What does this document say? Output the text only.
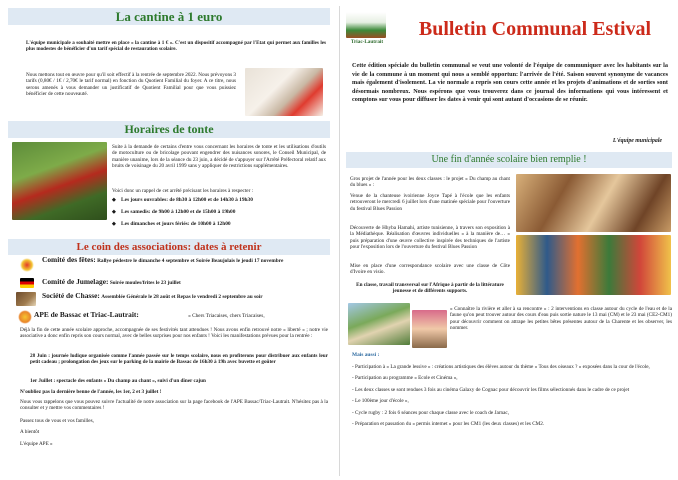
La cantine à 1 euro

L'équipe municipale a souhaité mettre en place « la cantine à 1 € ». C'est un dispositif accompagné par l'Etat qui permet aux familles les plus modestes de bénéficier d'un tarif spécial de restauration scolaire.

Nous mettons tout en œuvre pour qu'il soit effectif à la rentrée de septembre 2022. Nous prévoyons 3 tarifs (0,80€ / 1€ / 2,70€ le tarif normal) en fonction du Quotient Familial du foyer. A ce titre, nous serons amenés à vous demander un justificatif de Quotient Familial pour que vous puissiez bénéficier de cette nouveauté.

Horaires de tonte

Suite à la demande de certains d'entre vous concernant les horaires de tonte et les utilisations d'outils de motoculture ou de bricolage pouvant engendrer des nuisances sonores, le Conseil Municipal, de manière unanime, lors de la séance du 23 juin, a décidé de s'appuyer sur l'Arrêté Préfectoral relatif aux bruits de voisinage du 20 avril 1999 sans y appliquer de restrictions supplémentaires.

Voici donc un rappel de cet arrêté précisant les horaires à respecter :

◆ Les jours ouvrables: de 8h30 à 12h00 et de 14h30 à 19h30
◆ Les samedis: de 9h00 à 12h00 et de 15h00 à 19h00
◆ Les dimanches et jours fériés: de 10h00 à 12h00
Le coin des associations: dates à retenir
Comité des fêtes: Rallye pédestre le dimanche 4 septembre et Soirée Beaujolais le jeudi 17 novembre
Comité de Jumelage: Soirée moules/frites le 23 juillet
Société de Chasse: Assemblée Générale le 28 août et Repas le vendredi 2 septembre au soir
APE de Bassac et Triac-Lautrait:	« Chers Triacaises, chers Triacaises,

Déjà la fin de cette année scolaire approche, accompagnée de ses festivités tant attendues ! Nous avons enfin retrouvé notre « liberté » ; notre vie associative a donc enfin repris son cours normal, avec de belles surprises pour nos enfants ! Voici les manifestations prévues pour la rentrée :

28 Juin : journée ludique organisée comme l'année passée sur le temps scolaire, nous en profiterons pour distribuer aux enfants leur petit cadeau ; prolongation des jeux sur le parking de la mairie de Bassac de 16h30 à 19h avec buvette et goûter

1er Juillet : spectacle des enfants « Du champ au chant », suivi d'un dîner cajun

N'oubliez pas la dernière benne de l'année, les 1er, 2 et 3 juillet !

Nous vous rappelons que vous pouvez suivre l'actualité de notre association sur la page facebook de l'APE Bassac/Triac-Lautrait. N'hésitez pas à la consulter et y mettre vos commentaires !

Passez tous de vous et vos familles,

A bientôt

L'équipe APE »

Triac-Lautrait
Bulletin Communal Estival

Cette édition spéciale du bulletin communal se veut une volonté de l'équipe de communiquer avec les habitants sur la vie de la commune à un moment qui nous a semblé opportun: l'arrivée de l'été. Saison souvent synonyme de vacances mais également d'isolement. La vie normale a repris son cours cette année et les projets d'animations et de sorties sont désormais nombreux. Nous espérons que vous trouverez dans ce journal des informations qui vous intéressent et comptons sur vous pour diffuser les dates à venir qui sont autant d'occasions de se réunir.

L'équipe municipale
Une fin d'année scolaire bien remplie !

Gros projet de l'année pour les deux classes : le projet « Du champ au chant du blues » :

Venue de la chanteuse ivoirienne Joyce Tapé à l'école que les enfants retrouveront le mercredi 6 juillet lors d'une matinée spéciale pour l'ouverture du festival Blues Passion

Découverte de Hhyba Hamahi, artiste tunisienne, à travers son exposition à la Médiathèque. Réalisation d'œuvres individuelles « à la manière de… » puis préparation d'une œuvre collective inspirée des techniques de l'artiste pour l'exposition lors de l'ouverture du festival Blues Passion

Mise en place d'une correspondance scolaire avec une classe de Côte d'Ivoire en visio.

En classe, travail transversal sur l'Afrique à partir de la littérature jeunesse et de différents supports.

« Connaître la rivière et aller à sa rencontre » : 2 interventions en classe autour du cycle de l'eau et de la faune qu'on peut trouver autour des cours d'eau puis sortie nature le 13 mai (CM) et le 23 mai (CE2-CM1) pour découvrir comment on attrape les petites bêtes présentes autour de la Charente et les observer, les nommer.

Mais aussi :
- Participation à « La grande lessive » : créations artistiques des élèves autour du thème « Tous des oiseaux ? » exposées dans la cour de l'école,
- Participation au programme « Ecole et Cinéma »,
- Les deux classes se sont rendues 3 fois au cinéma Galaxy de Cognac pour découvrir les films sélectionnés dans le cadre de ce projet
- Le 100ème jour d'école »,
- Cycle rugby : 2 fois 6 séances pour chaque classe avec le coach de Jarnac,
- Préparation et passation du « permis internet » pour les CM1 (les deux classes) et les CM2.
